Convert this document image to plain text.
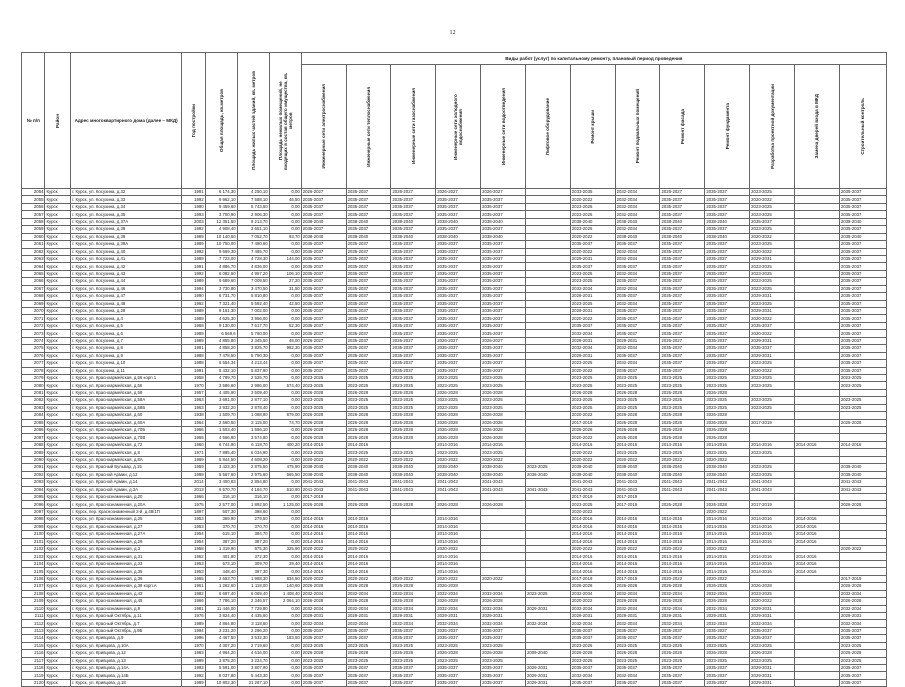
12
№ п/п	Район	Адрес многоквартирного дома (далее – МКД)	Год постройки	Общая площадь, кв.метров	Площадь жилых частей зданий, кв. метров	Площадь нежилых помещений, не входящих в состав общего имущества, кв. метров	Виды работ (услуг) по капитальному ремонту, плановый период проведения												

							Инженерные сети электроснабжения	Инженерные сети теплоснабжения	Инженерные сети газоснабжения	Инженерные сети холодного водоснабжения	Инженерные сети водоотведения	Лифтовое оборудование	Ремонт крыши	Ремонт подвальных помещений	Ремонт фасада	Ремонт фундамента	Разработка проектной документации	Замена дверей входа в МКД	Строительный контроль

2054	Курск	г. Курск, ул. Косухина, д.32	1991	6 174,30	4 250,10	0,00	2026-2027	2035-2037	2026-2027	2026-2027	2026-2027		2033-2035	2032-2034	2026-2027	2035-2037	2023-2025		2035-2037
2055	Курск	г. Курск, ул. Косухина, д.33	1992	9 962,10	7 588,10	46,50	2035-2037	2035-2037	2035-2037	2035-2037	2035-2037		2020-2022	2032-2034	2035-2037	2035-2037	2020-2022		2035-2037
2056	Курск	г. Курск, ул. Косухина, д.34	1990	9 459,60	5 743,50	0,00	2035-2037	2035-2037	2035-2037	2035-2037	2035-2037		2023-2025	2032-2034	2035-2037	2035-2037	2023-2025		2035-2037
2057	Курск	г. Курск, ул. Косухина, д.35	1993	3 700,90	2 906,30	0,00	2035-2037	2035-2037	2035-2037	2035-2037	2035-2037		2023-2025	2032-2034	2035-2037	2035-2037	2023-2025		2035-2037
2058	Курск	г. Курск, ул. Косухина, д.37А	2003	12 351,50	8 213,70	0,00	2038-2040	2038-2040	2038-2040	2038-2040	2038-2040		2038-2040	2038-2040	2038-2040	2038-2040	2035-2037		2038-2040
2059	Курск	г. Курск, ул. Косухина, д.39	1992	4 908,40	3 651,10	0,00	2035-2037	2035-2037	2035-2037	2035-2037	2035-2037		2023-2025	2032-2034	2035-2037	2035-2037	2023-2025		2035-2037
2060	Курск	г. Курск, ул. Косухина, д.39	1989	10 140,60	7 052,70	93,70	2038-2040	2038-2040	2038-2040	2038-2040	2038-2040		2020-2022	2038-2040	2038-2040	2038-2040	2020-2022		2038-2040
2061	Курск	г. Курск, ул. Косухина, д.39А	1989	10 750,00	7 490,60	0,00	2035-2037	2035-2037	2035-2037	2035-2037	2035-2037		2035-2037	2035-2037	2035-2037	2035-2037	2023-2025		2035-2037
2062	Курск	г. Курск, ул. Косухина, д.40	1992	9 669,30	7 485,70	0,00	2035-2037	2035-2037	2035-2037	2035-2037	2035-2037		2020-2022	2032-2034	2035-2037	2035-2037	2020-2022		2035-2037
2063	Курск	г. Курск, ул. Косухина, д.41	1989	7 723,00	4 728,30	144,00	2035-2037	2035-2037	2035-2037	2035-2037	2035-2037		2029-2031	2032-2034	2035-2037	2035-2037	2029-2031		2035-2037
2064	Курск	г. Курск, ул. Косухина, д.42	1991	4 886,70	4 836,00	0,00	2035-2037	2035-2037	2035-2037	2035-2037	2035-2037		2035-2037	2035-2037	2035-2037	2035-2037	2023-2025		2035-2037
2065	Курск	г. Курск, ул. Косухина, д.43	1992	6 082,50	4 957,20	106,10	2035-2037	2035-2037	2035-2037	2035-2037	2035-2037		2023-2025	2032-2034	2035-2037	2035-2037	2023-2025		2035-2037
2066	Курск	г. Курск, ул. Косухина, д.44	1989	9 689,60	7 009,50	27,20	2035-2037	2035-2037	2035-2037	2035-2037	2035-2037		2023-2025	2035-2037	2035-2037	2035-2037	2023-2025		2035-2037
2067	Курск	г. Курск, ул. Косухина, д.46	1994	3 730,80	3 470,50	31,50	2035-2037	2035-2037	2035-2037	2035-2037	2035-2037		2032-2034	2032-2034	2035-2037	2035-2037	2023-2025		2035-2037
2068	Курск	г. Курск, ул. Косухина, д.47	1990	6 731,70	5 810,80	0,00	2035-2037	2035-2037	2035-2037	2035-2037	2035-2037		2029-2031	2035-2037	2035-2037	2035-2037	2029-2031		2035-2037
2069	Курск	г. Курск, ул. Косухина, д.48	1992	7 321,40	5 592,40	42,50	2035-2037	2035-2037	2035-2037	2035-2037	2035-2037		2023-2025	2032-2034	2035-2037	2035-2037	2023-2025		2035-2037
2070	Курск	г. Курск, ул. Косухина, д.28	1989	9 161,30	7 002,00	0,00	2035-2037	2035-2037	2035-2037	2035-2037	2035-2037		2029-2031	2035-2037	2035-2037	2035-2037	2029-2031		2035-2037
2071	Курск	г. Курск, ул. Косухина, д.4	1989	4 625,30	3 956,00	0,00	2035-2037	2035-2037	2035-2037	2035-2037	2035-2037		2020-2022	2035-2037	2035-2037	2035-2037	2020-2022		2035-2037
2072	Курск	г. Курск, ул. Косухина, д.5	1968	9 130,00	7 617,70	52,30	2035-2037	2035-2037	2035-2037	2035-2037	2035-2037		2035-2037	2035-2037	2035-2037	2035-2037	2035-2037		2035-2037
2073	Курск	г. Курск, ул. Косухина, д.6	1989	6 569,6	5 760,00	0,00	2035-2037	2035-2037	2035-2037	2035-2037	2035-2037		2032-2034	2035-2037	2035-2037	2035-2037	2020-2022		2035-2037
2074	Курск	г. Курск, ул. Косухина, д.7	1989	4 855,80	2 345,50	48,00	2026-2027	2035-2037	2026-2027	2026-2027	2026-2027		2029-2031	2029-2031	2026-2027	2035-2037	2029-2031		2035-2037
2075	Курск	г. Курск, ул. Косухина, д.8	1991	4 858,20	3 825,70	982,30	2035-2037	2035-2037	2035-2037	2035-2037	2035-2037		2032-2034	2032-2034	2035-2037	2035-2037	2035-2037		2035-2037
2076	Курск	г. Курск, ул. Косухина, д.9	1988	7 478,50	5 790,30	0,00	2035-2037	2035-2037	2035-2037	2035-2037	2035-2037		2029-2031	2035-2037	2035-2037	2035-2037	2029-2031		2035-2037
2077	Курск	г. Курск, ул. Косухина, д.10	1988	6 554,34	4 213,44	0,00	2035-2037	2035-2037	2035-2037	2035-2037	2035-2037		2023-2025	2032-2034	2035-2037	2035-2037	2023-2025		2035-2037
2078	Курск	г. Курск, ул. Косухина, д.11	1991	8 432,10	5 837,90	0,00	2035-2037	2035-2037	2035-2037	2035-2037	2035-2037		2020-2022	2035-2037	2035-2037	2035-2037	2020-2022		2035-2037
2079	Курск	г. Курск, ул. Красноармейская, д.56 корп.1	1958	4 789,70	2 525,70	0,00	2023-2025	2023-2025	2023-2025	2023-2025	2023-2025		2023-2025	2023-2025	2023-2025	2023-2025	2023-2025		2023-2025
2080	Курск	г. Курск, ул. Красноармейская, д.56	1970	3 586,60	2 986,00	674,40	2023-2025	2023-2025	2023-2025	2023-2025	2023-2025		2023-2025	2023-2025	2023-2025	2023-2025	2023-2025		2023-2025
2081	Курск	г. Курск, ул. Красноармейская, д.58	1957	4 405,90	3 509,40	0,00	2026-2028	2026-2028	2026-2028	2026-2028	2026-2028		2026-2028	2026-2028	2026-2028	2026-2028			
2082	Курск	г. Курск, ул. Красноармейская, д.58А	1963	3 691,00	2 877,10	0,00	2023-2025	2023-2025	2023-2025	2023-2025	2023-2025		2023-2025	2023-2025	2023-2025	2023-2025	2023-2025		2023-2025
2083	Курск	г. Курск, ул. Красноармейская, д.58Б	1963	3 932,20	2 878,40	0,00	2023-2025	2023-2025	2023-2025	2023-2025	2023-2025		2023-2025	2023-2025	2023-2025	2023-2025	2023-2025		2023-2025
2084	Курск	г. Курск, ул. Красноармейская, д.60	1938	1 509,70	1 088,90	879,00	2026-2028	2026-2028	2026-2028	2026-2028	2026-2028		2020-2022	2026-2028	2026-2028	2026-2028			
2085	Курск	г. Курск, ул. Красноармейская, д.60А	1964	2 560,50	2 115,00	74,70	2026-2028	2026-2028	2026-2028	2026-2028	2026-2028		2017-2019	2026-2028	2026-2028	2026-2028	2017-2019		2026-2028
2086	Курск	г. Курск, ул. Красноармейская, д.70Б	1966	1 503,40	1 556,10	0,00	2026-2028	2026-2028	2026-2028	2026-2028	2026-2028		2026-2028	2026-2028	2026-2028	2026-2028			
2087	Курск	г. Курск, ул. Красноармейская, д.70В	1966	4 566,90	3 574,90	0,00	2026-2028	2026-2028	2026-2028	2026-2028	2026-2028		2020-2022	2026-2028	2026-2028	2026-2028			
2088	Курск	г. Курск, ул. Красноармейская, д.72	1960	6 744,90	6 118,70	400,20	2014-2016	2014-2016		2014-2016	2014-2016		2014-2016	2014-2016	2014-2016	2014-2016	2014-2016	2014-2016	2014-2016
2089	Курск	г. Курск, ул. Красноармейская, д.8	1971	7 895,40	6 034,90	0,00	2023-2025	2023-2025	2023-2025	2023-2025	2023-2025		2020-2022	2023-2025	2023-2025	2023-2025	2023-2025		
2090	Курск	г. Курск, ул. Красноармейская, д.8А	1969	5 844,50	4 608,20	0,00	2020-2022	2020-2022	2020-2022	2020-2022	2020-2022		2020-2022	2020-2022	2020-2022	2020-2022			
2091	Курск	г. Курск, ул. Красный Бульвар, д.15	1959	3 423,30	2 875,50	475,90	2038-2040	2038-2040	2038-2040	2038-2040	2038-2040	2023-2025	2038-2040	2038-2040	2038-2040	2038-2040	2023-2025		2038-2040
2092	Курск	г. Курск, ул. Красной Армии, д.12	1999	5 567,60	2 975,60	665,50	2038-2040	2038-2040	2038-2040	2038-2040	2038-2040	2038-2040	2038-2040	2038-2040	2038-2040	2038-2040	2023-2025		2038-2040
2093	Курск	г. Курск, ул. Красной Армии, д.14	2014	3 400,83	2 854,80	0,00	2041-2043	2041-2043	2041-2043	2041-2043	2041-2043		2041-2043	2041-2043	2041-2043	2041-2043	2041-2043		2041-2043
2094	Курск	г. Курск, ул. Красной Армии, д.3А	2013	6 570,70	4 184,70	610,90	2041-2043	2041-2043	2041-2043	2041-2043	2041-2043	2041-2043	2041-2043	2041-2043	2041-2043	2041-2043	2041-2043		2041-2043
2095	Курск	г. Курск, ул. Краснознаменная, д.20	1966	316,10	316,10	0,00	2017-2019						2017-2019	2017-2019					
2096	Курск	г. Курск, ул. Краснознаменная, д.20А	1975	2 577,00	1 892,50	1 125,00	2026-2028	2026-2028	2026-2028	2026-2028	2026-2028		2023-2025	2017-2019	2026-2028	2026-2028	2017-2019		2026-2028
2097	Курск	г. Курск, пер. Краснознаменный 2-й, д.48/1П	1897	507,30	398,60	0,00							2020-2022			2020-2022			
2098	Курск	г. Курск, ул. Краснознаменная, д.25	1953	369,90	279,50	0,00	2014-2016	2014-2016		2014-2016			2014-2016	2014-2016	2014-2016	2014-2016	2014-2016	2014-2016	
2099	Курск	г. Курск, ул. Краснознаменная, д.27	1953	370,70	370,70	0,00	2014-2016	2014-2016		2014-2016			2014-2016	2014-2016	2014-2016	2014-2016	2014-2016	2014-2016	
2100	Курск	г. Курск, ул. Краснознаменная, д.27А	1954	615,10	384,70	0,00	2014-2016	2014-2016		2014-2016			2014-2016	2014-2016	2014-2016	2014-2016	2014-2016	2014-2016	
2101	Курск	г. Курск, ул. Краснознаменная, д.29	1954	387,20	387,20	0,00	2014-2016	2014-2016		2014-2016			2014-2016	2014-2016	2014-2016	2014-2016	2014-2016	2014-2016	
2102	Курск	г. Курск, ул. Краснознаменная, д.3	1958	1 319,90	975,30	325,90	2020-2022	2020-2022		2020-2022			2020-2022	2020-2022	2020-2022	2020-2022			2020-2022
2103	Курск	г. Курск, ул. Краснознаменная, д.31	1962	401,80	372,30	0,00	2014-2016	2014-2016		2014-2016			2014-2016	2014-2016	2014-2016	2014-2016	2014-2016	2014-2016	
2104	Курск	г. Курск, ул. Краснознаменная, д.33	1953	673,10	309,70	29,40	2014-2016	2014-2016		2014-2016			2014-2016	2014-2016	2014-2016	2014-2016	2014-2016	2014-2016	
2105	Курск	г. Курск, ул. Краснознаменная, д.35	1953	448,40	397,30	0,00	2014-2016	2014-2016		2014-2016			2014-2016	2014-2016	2014-2016	2014-2016	2014-2016	2014-2016	
2106	Курск	г. Курск, ул. Краснознаменная, д.36	1965	2 653,70	1 988,30	834,50	2020-2022	2020-2022	2020-2022	2020-2022	2020-2022		2017-2019	2017-2019	2020-2022	2020-2022			2017-2019
2107	Курск	г. Курск, ул. Краснознаменная, д.38 корп.А	1961	1 262,60	1 118,00	140,60	2026-2028	2026-2028	2026-2028	2026-2028			2026-2028	2026-2028	2026-2028	2026-2028	2026-2028		2026-2028
2108	Курск	г. Курск, ул. Краснознаменная, д.43	1982	6 697,40	6 069,40	1 408,40	2032-2034	2032-2034	2032-2034	2032-2034	2032-2034	2023-2025	2032-2034	2032-2034	2032-2034	2032-2034	2023-2025		2032-2034
2109	Курск	г. Курск, ул. Краснознаменная, д.45	1966	7 786,10	2 346,57	2 064,10	2026-2028	2026-2028	2026-2028	2026-2028	2026-2028		2020-2022	2026-2028	2026-2028	2026-2028	2020-2022		2026-2028
2110	Курск	г. Курск, ул. Краснознаменная, д.9	1981	11 446,00	7 729,80	0,00	2032-2034	2032-2034	2032-2034	2032-2034	2032-2034	2029-2031	2032-2034	2032-2034	2032-2034	2032-2034	2029-2031		2032-2034
2111	Курск	г. Курск, ул. Красный Октябрь, д.11	1976	3 824,40	4 435,60	0,00	2029-2031	2029-2031	2029-2031	2029-2031	2029-2031		2029-2031	2029-2031	2029-2031	2029-2031	2029-2031		2029-2031
2112	Курск	г. Курск, ул. Красный Октябрь, д.7	1989	4 864,80	3 118,60	0,00	2032-2034	2032-2034	2032-2034	2032-2034	2032-2034	2032-2034	2032-2034	2032-2034	2032-2034	2032-2034	2032-2034		2032-2034
2113	Курск	г. Курск, ул. Красный Октябрь, д.9Б	1994	3 231,20	2 296,20	0,00	2035-2037	2035-2037	2035-2037	2035-2037	2035-2037		2035-2037	2035-2037	2035-2037	2035-2037	2035-2037		2035-2037
2114	Курск	г. Курск, ул. Кривцова, д.9	1996	4 467,50	3 532,30	183,50	2035-2037	2035-2037	2035-2037	2035-2037	2035-2037		2035-2037	2035-2037	2035-2037	2035-2037	2035-2037		2035-2037
2115	Курск	г. Курск, ул. Кривцова, д.10А	1970	4 307,20	2 719,60	0,00	2023-2025	2023-2025	2023-2025	2023-2025	2023-2025		2023-2025	2023-2025	2023-2025	2023-2025	2023-2025		2023-2025
2116	Курск	г. Курск, ул. Кривцова, д.12	1983	4 964,20	4 616,00	0,00	2026-2028	2026-2028	2026-2028	2026-2028	2026-2028	2009-2040	2026-2028	2026-2028	2026-2028	2026-2028	2026-2028		2026-2028
2117	Курск	г. Курск, ул. Кривцова, д.13	1999	3 875,20	3 224,70	0,00	2023-2025	2023-2025	2023-2025	2023-2025	2023-2025		2023-2025	2023-2025	2023-2025	2023-2025	2023-2025		2023-2025
2118	Курск	г. Курск, ул. Кривцова, д.14А	1993	5 591,00	3 807,90	0,00	2035-2037	2035-2037	2035-2037	2035-2037	2035-2037	2029-2031	2035-2037	2035-2037	2035-2037	2035-2037	2029-2031		2035-2037
2119	Курск	г. Курск, ул. Кривцова, д.14Б	1992	8 037,80	5 443,30	0,00	2035-2037	2035-2037	2035-2037	2035-2037	2035-2037	2029-2031	2032-2034	2032-2034	2035-2037	2035-2037	2029-2031		2035-2037
2120	Курск	г. Курск, ул. Кривцова, д.18	1989	10 802,30	21 287,10	0,00	2035-2037	2035-2037	2035-2037	2035-2037	2035-2037	2029-2031	2035-2037	2035-2037	2035-2037	2035-2037	2029-2031		2035-2037
